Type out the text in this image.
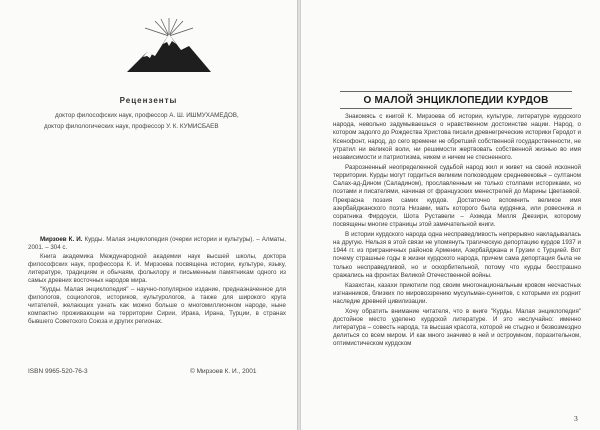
Рецензенты
доктор философских наук, профессор А. Ш. ИШМУХАМЕДОВ,
доктор филологических наук, профессор У. К. КУМИСБАЕВ

Мирзоев К. И. Курды. Малая энциклопедия (очерки истории и культуры). – Алматы, 2001. – 304 с.

Книга академика Международной академии наук высшей школы, доктора философских наук, профессора К. И. Мирзоева посвящена истории, культуре, языку, литературе, традициям и обычаям, фольклору и письменным памятникам одного из самых древних восточных народов мира.

"Курды. Малая энциклопедия" – научно-популярное издание, предназначенное для филологов, социологов, историков, культурологов, а также для широкого круга читателей, желающих узнать как можно больше о многомиллионном народе, ныне компактно проживающем на территории Сирии, Ирака, Ирана, Турции, в странах бывшего Советского Союза и других регионах.

ISBN 9965-520-76-3	© Мирзоев К. И., 2001
О МАЛОЙ ЭНЦИКЛОПЕДИИ КУРДОВ

Знакомясь с книгой К. Мирзоева об истории, культуре, литературе курдского народа, невольно задумываешься о нравственном достоинстве нации. Народ, о котором задолго до Рождества Христова писали древнегреческие историки Геродот и Ксенофонт, народ, до сего времени не обретший собственной государственности, не утратил ни великой воли, ни решимости жертвовать собственной жизнью во имя независимости и патриотизма, никем и ничем не стесненного.

Разрозненный неопределенной судьбой народ жил и живет на своей исконной территории. Курды могут гордиться великим полководцем средневековья – султаном Салах-ад-Дином (Саладином), прославленным не только столпами историками, но поэтами и писателями, начиная от французских менестрелей до Марины Цветаевой. Прекрасна поэзия самих курдов. Достаточно вспомнить великое имя азербайджанского поэта Низами, мать которого была курдянка, или ровесника и соратника Фирдоуси, Шота Руставели – Ахмеда Мелля Джезири, которому посвящены многие страницы этой замечательной книги.

В истории курдского народа одна несправедливость непрерывно накладывалась на другую. Нельзя в этой связи не упомянуть трагическую депортацию курдов 1937 и 1944 гг. из приграничных районов Армении, Азербайджана и Грузии с Турцией. Вот почему страшные годы в жизни курдского народа, причем сама депортация была не только несправедливой, но и оскорбительной, потому что курды бесстрашно сражались на фронтах Великой Отечественной войны.

Казахстан, казахи приютили под своим многонациональным кровом несчастных изгнанников, близких по мировоззрению мусульман-суннитов, с которыми их роднит наследие древней цивилизации.

Хочу обратить внимание читателя, что в книге "Курды. Малая энциклопедия" достойное место уделено курдской литературе. И это неслучайно: именно литература – совесть народа, та высшая красота, которой не стыдно и безвозмездно делиться со всем миром. И как много значимо в ней и остроумном, поразительном, оптимистическом курдском

3
